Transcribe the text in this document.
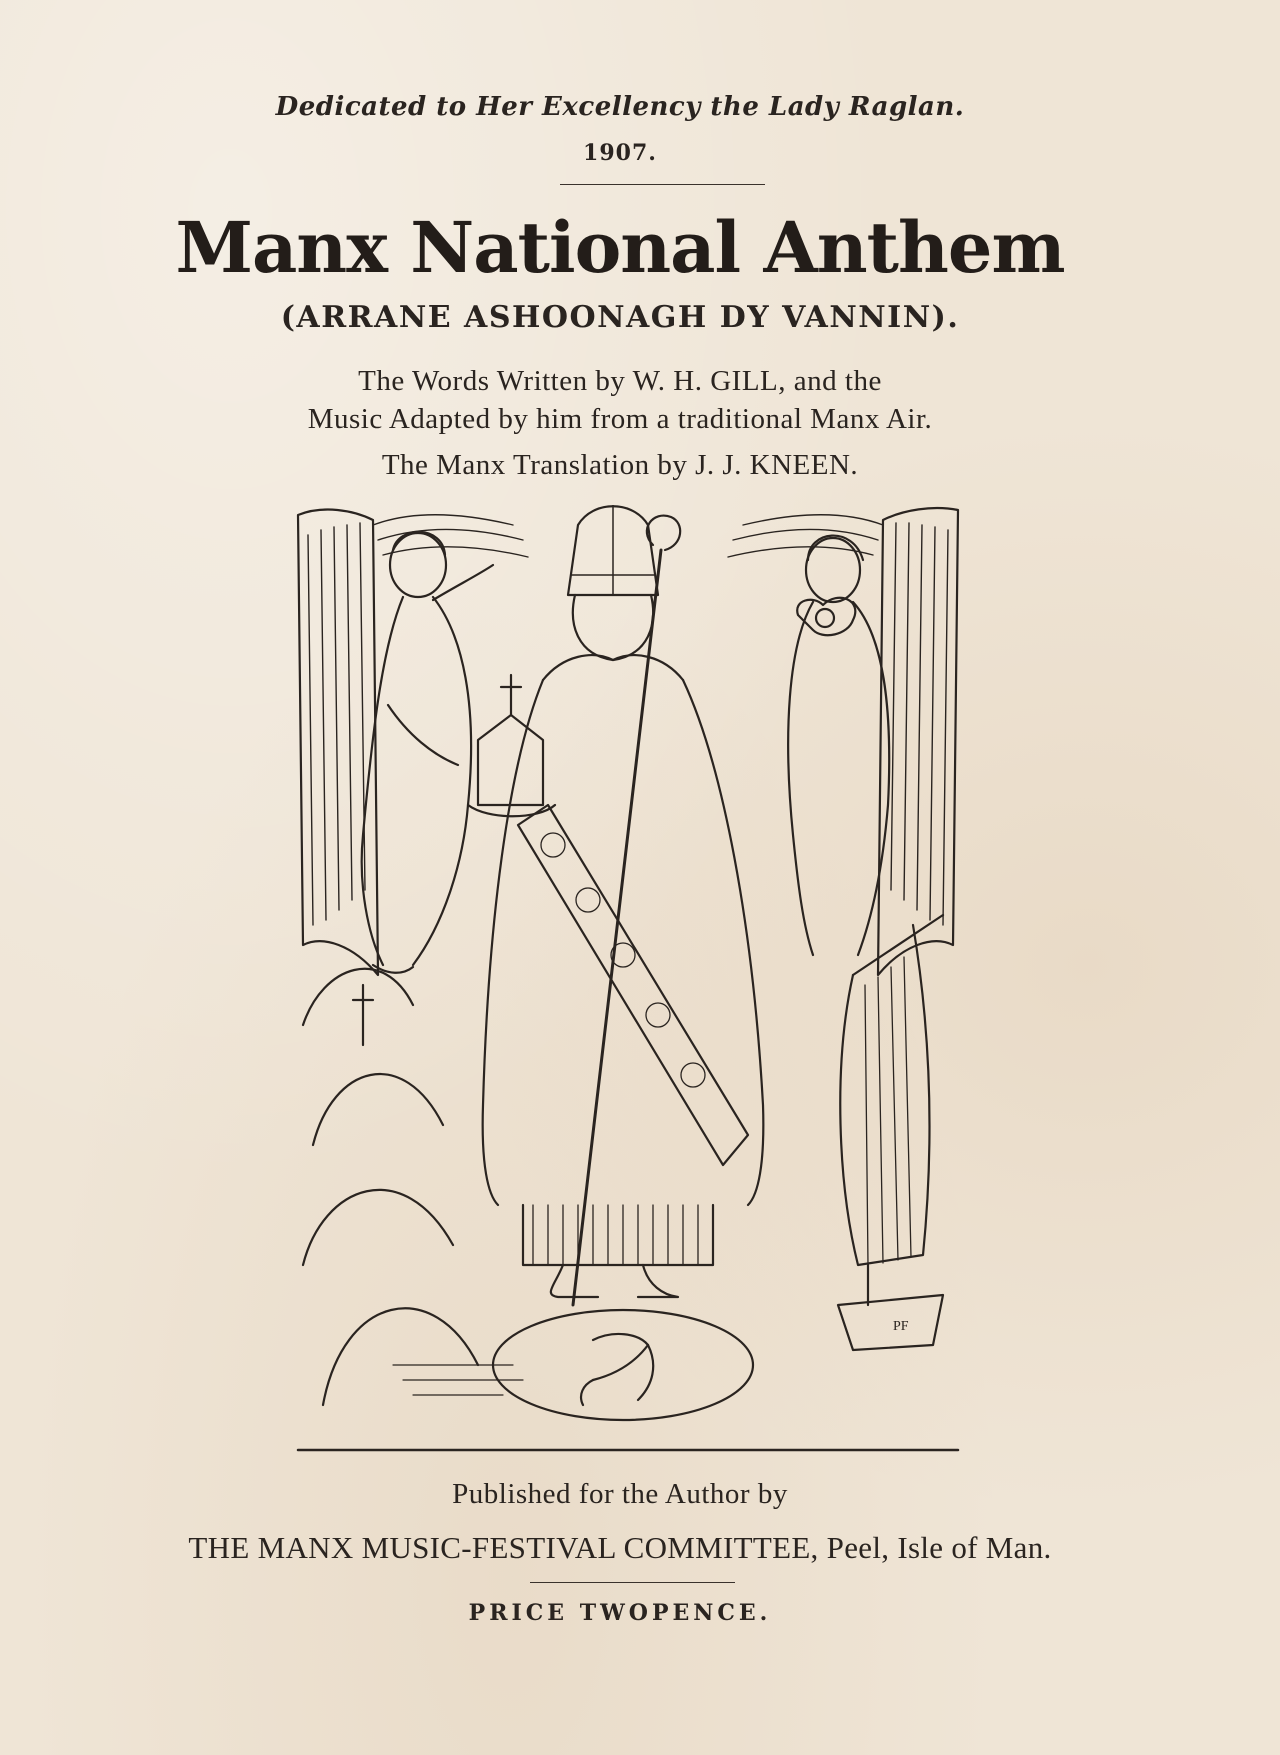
Dedicated to Her Excellency the Lady Raglan.
1907.
Manx National Anthem
(ARRANE ASHOONAGH DY VANNIN).
The Words Written by W. H. GILL, and the
Music Adapted by him from a traditional Manx Air.
The Manx Translation by J. J. KNEEN.
PF
Published for the Author by
THE MANX MUSIC-FESTIVAL COMMITTEE, Peel, Isle of Man.
PRICE TWOPENCE.
